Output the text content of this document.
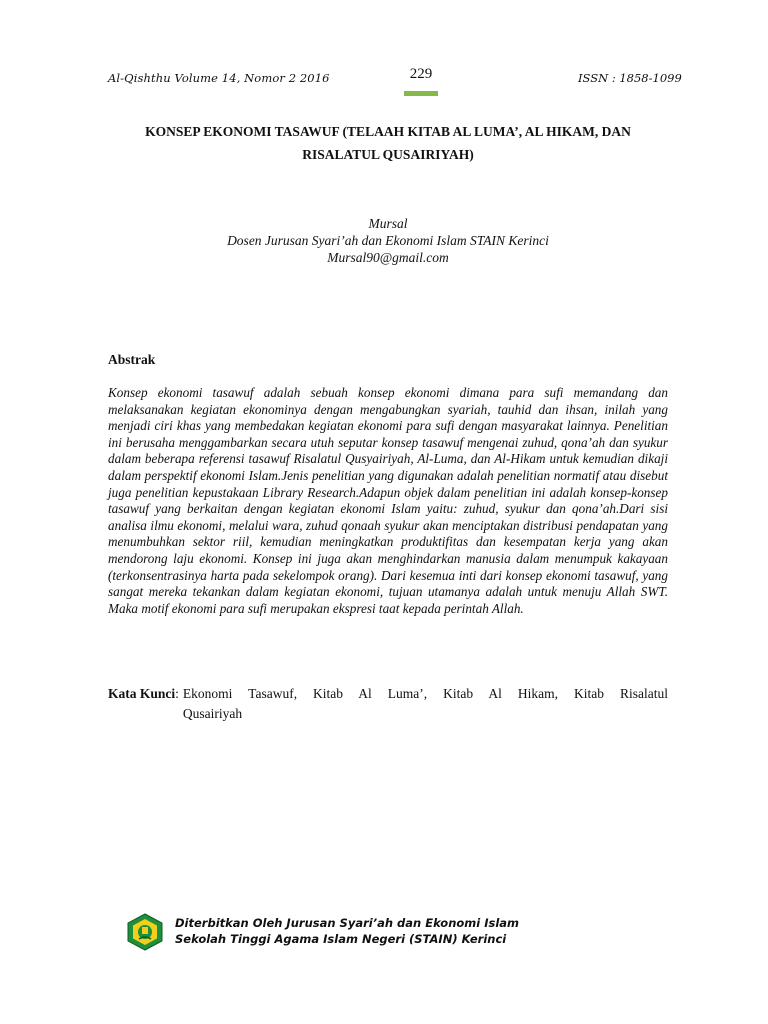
Al-Qishthu Volume 14, Nomor 2 2016	229	ISSN : 1858-1099
KONSEP EKONOMI TASAWUF (TELAAH KITAB AL LUMA’, AL HIKAM, DAN
RISALATUL QUSAIRIYAH)
Mursal
Dosen Jurusan Syari’ah dan Ekonomi Islam STAIN Kerinci
Mursal90@gmail.com
Abstrak

Konsep ekonomi tasawuf adalah sebuah konsep ekonomi dimana para sufi memandang dan melaksanakan kegiatan ekonominya dengan mengabungkan syariah, tauhid dan ihsan, inilah yang menjadi ciri khas yang membedakan kegiatan ekonomi para sufi dengan masyarakat lainnya. Penelitian ini berusaha menggambarkan secara utuh seputar konsep tasawuf mengenai zuhud, qona’ah dan syukur dalam beberapa referensi tasawuf Risalatul Qusyairiyah, Al-Luma, dan Al-Hikam untuk kemudian dikaji dalam perspektif ekonomi Islam.Jenis penelitian yang digunakan adalah penelitian normatif atau disebut juga penelitian kepustakaan Library Research.Adapun objek dalam penelitian ini adalah konsep-konsep tasawuf yang berkaitan dengan kegiatan ekonomi Islam yaitu: zuhud, syukur dan qona’ah.Dari sisi analisa ilmu ekonomi, melalui wara, zuhud qonaah syukur akan menciptakan distribusi pendapatan yang menumbuhkan sektor riil, kemudian meningkatkan produktifitas dan kesempatan kerja yang akan mendorong laju ekonomi. Konsep ini juga akan menghindarkan manusia dalam menumpuk kakayaan (terkonsentrasinya harta pada sekelompok orang). Dari kesemua inti dari konsep ekonomi tasawuf, yang sangat mereka tekankan dalam kegiatan ekonomi, tujuan utamanya adalah untuk menuju Allah SWT. Maka motif ekonomi para sufi merupakan ekspresi taat kepada perintah Allah.

Kata Kunci : Ekonomi Tasawuf, Kitab Al Luma’, Kitab Al Hikam, Kitab Risalatul
Qusairiyah
Diterbitkan Oleh Jurusan Syari’ah dan Ekonomi Islam
Sekolah Tinggi Agama Islam Negeri (STAIN) Kerinci
